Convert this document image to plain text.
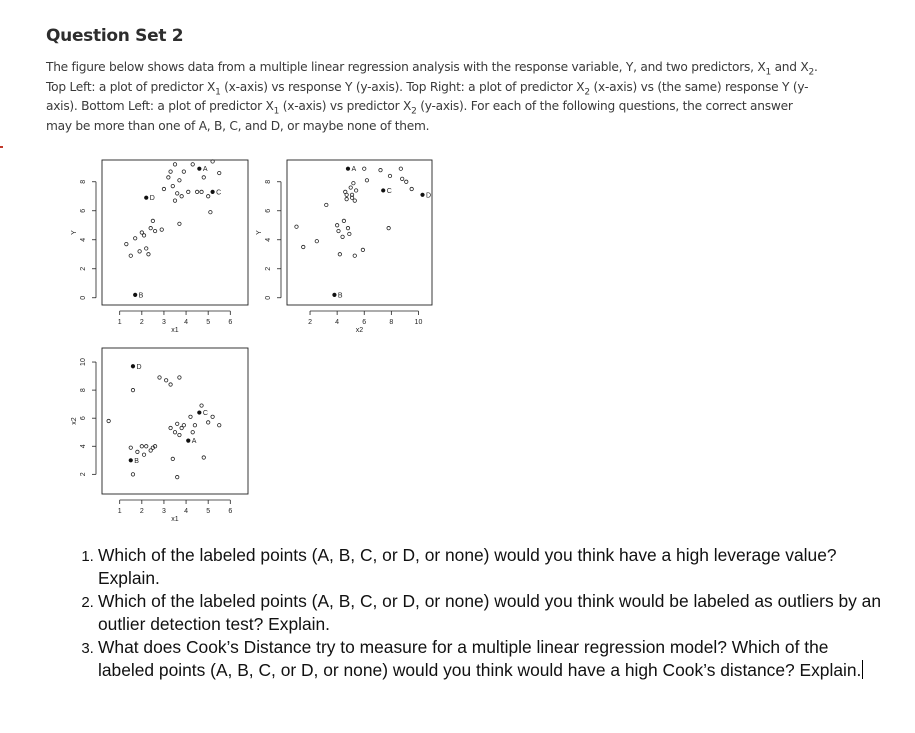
Question Set 2

The figure below shows data from a multiple linear regression analysis with the response variable, Y, and two predictors, $X_1$ and $X_2$. Top Left: a plot of predictor $X_1$ (x-axis) vs response Y (y-axis). Top Right: a plot of predictor $X_2$ (x-axis) vs (the same) response Y (y-axis). Bottom Left: a plot of predictor $X_1$ (x-axis) vs predictor $X_2$ (y-axis). For each of the following questions, the correct answer may be more than one of A, B, C, and D, or maybe none of them.

1	2	3	4	5	6
x1
0
2
4
6
8
Y
A
B
C
D
2	4	6	8	10
x2
0
2
4
6
8
Y
A
B
C
D
1	2	3	4	5	6
x1
2
4
6
8
10
x2
A
B
C
D
1. Which of the labeled points (A, B, C, or D, or none) would you think have a high leverage value? Explain.
2. Which of the labeled points (A, B, C, or D, or none) would you think would be labeled as outliers by an outlier detection test? Explain.
3. What does Cook’s Distance try to measure for a multiple linear regression model? Which of the labeled points (A, B, C, or D, or none) would you think would have a high Cook’s distance? Explain.
